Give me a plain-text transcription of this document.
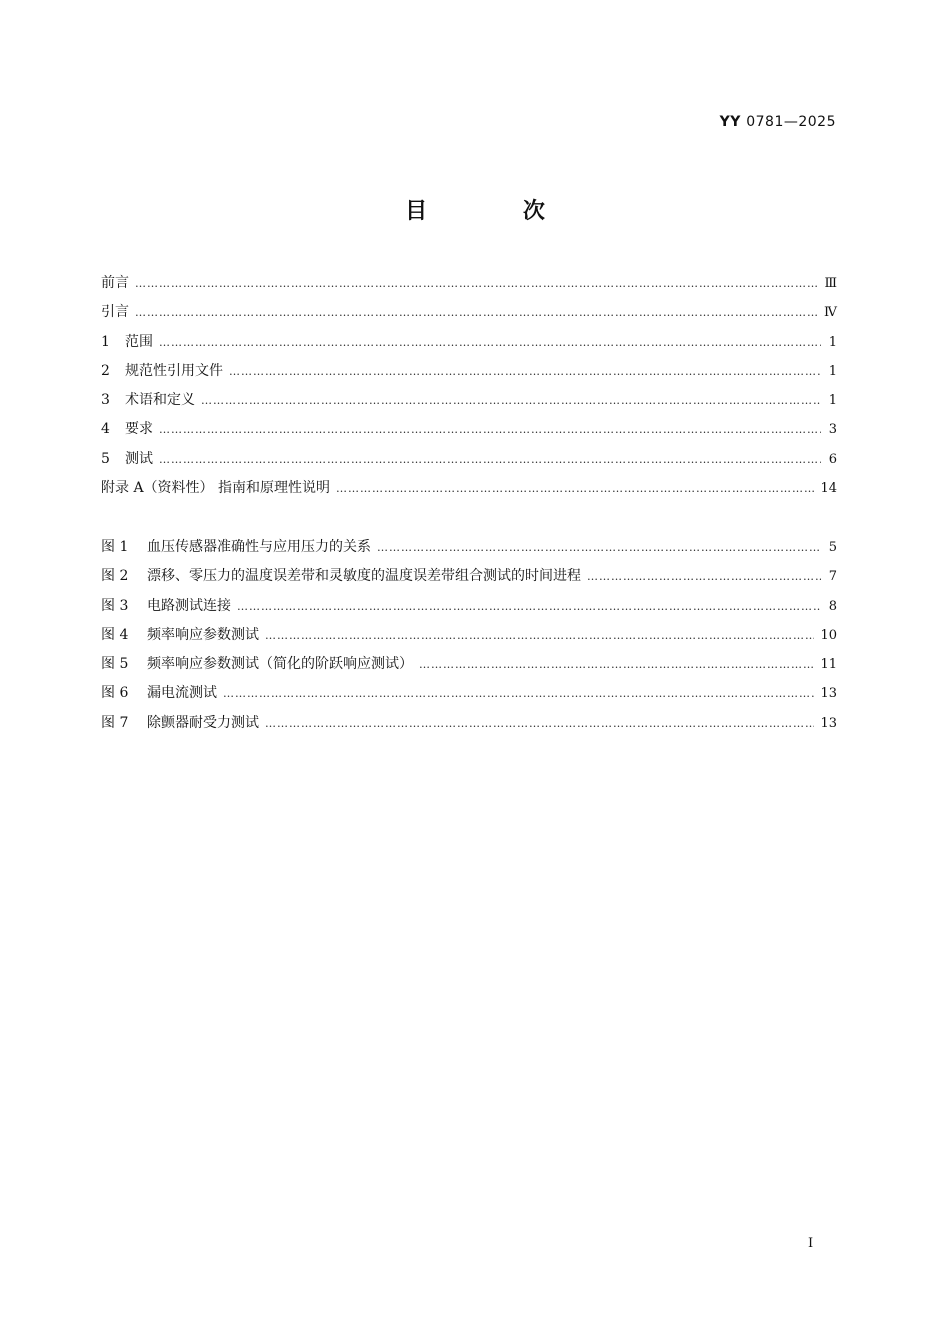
YY 0781—2025

目 次
前言 ……………………………………………………………………………………………………………………………………………………………………………………………	Ⅲ
引言 ……………………………………………………………………………………………………………………………………………………………………………………………	Ⅳ
1	范围 ……………………………………………………………………………………………………………………………………………………………………………………………	1
2	规范性引用文件 ……………………………………………………………………………………………………………………………………………………………………………………………	1
3	术语和定义 ……………………………………………………………………………………………………………………………………………………………………………………………	1
4	要求 ……………………………………………………………………………………………………………………………………………………………………………………………	3
5	测试 ……………………………………………………………………………………………………………………………………………………………………………………………	6
附录 A（资料性） 指南和原理性说明 ……………………………………………………………………………………………………………………………………………………………………………………………	14
图 1	血压传感器准确性与应用压力的关系 ……………………………………………………………………………………………………………………………………………………………………………………………	5
图 2	漂移、零压力的温度误差带和灵敏度的温度误差带组合测试的时间进程 ……………………………………………………………………………………………………………………………………………………………………………………………	7
图 3	电路测试连接 ……………………………………………………………………………………………………………………………………………………………………………………………	8
图 4	频率响应参数测试 ……………………………………………………………………………………………………………………………………………………………………………………………	10
图 5	频率响应参数测试（简化的阶跃响应测试） ……………………………………………………………………………………………………………………………………………………………………………………………	11
图 6	漏电流测试 ……………………………………………………………………………………………………………………………………………………………………………………………	13
图 7	除颤器耐受力测试 ……………………………………………………………………………………………………………………………………………………………………………………………	13

Ⅰ
